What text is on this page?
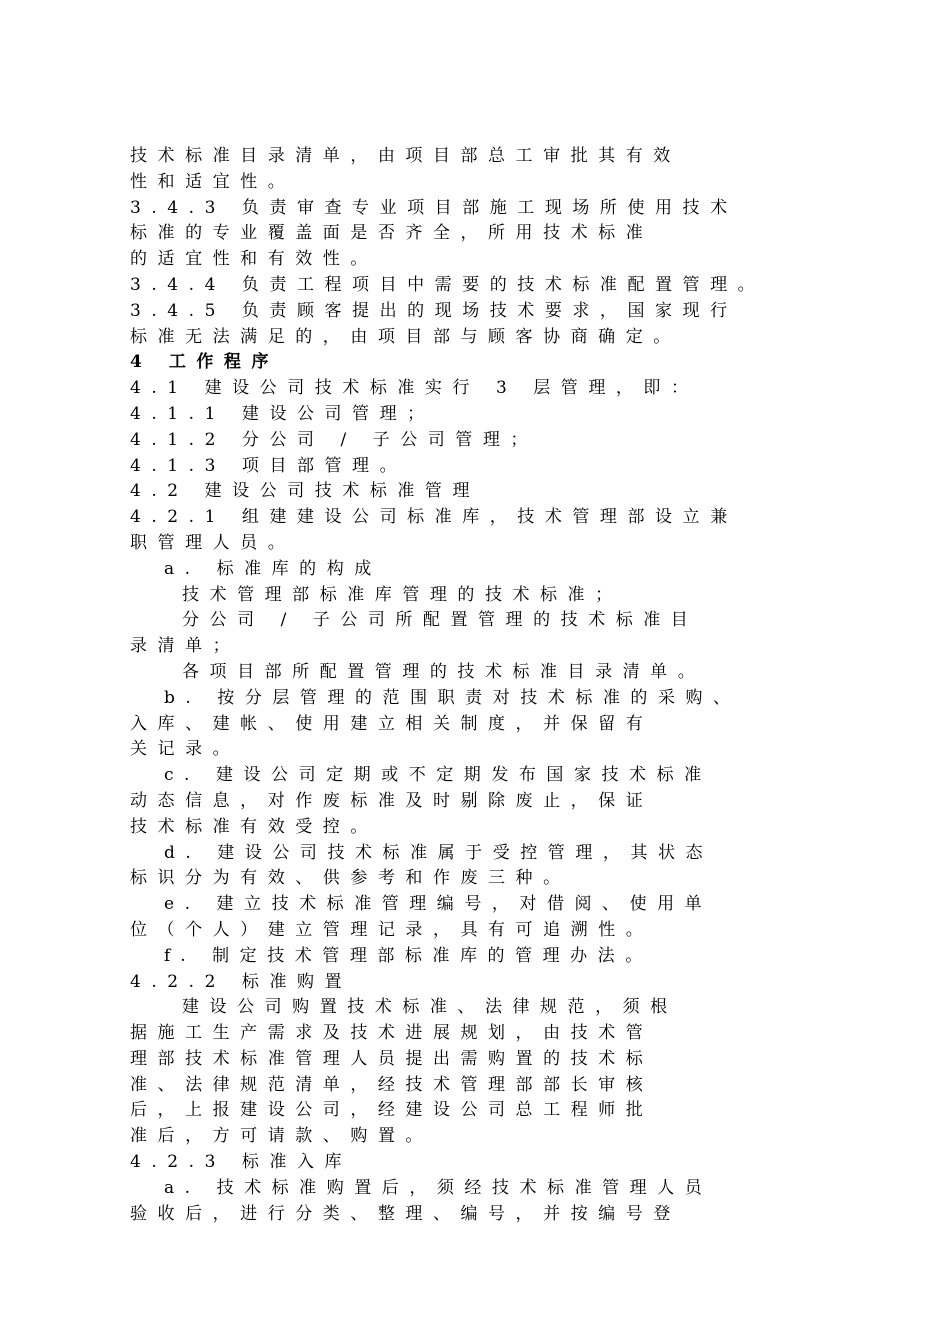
技术标准目录清单，由项目部总工审批其有效
性和适宜性。
3.4.3 负责审查专业项目部施工现场所使用技术
标准的专业覆盖面是否齐全，所用技术标准
的适宜性和有效性。
3.4.4 负责工程项目中需要的技术标准配置管理。
3.4.5 负责顾客提出的现场技术要求，国家现行
标准无法满足的，由项目部与顾客协商确定。
4 工作程序
4.1 建设公司技术标准实行 3 层管理，即：
4.1.1 建设公司管理；
4.1.2 分公司 / 子公司管理；
4.1.3 项目部管理。
4.2 建设公司技术标准管理
4.2.1 组建建设公司标准库，技术管理部设立兼
职管理人员。
a. 标准库的构成
技术管理部标准库管理的技术标准；
分公司 / 子公司所配置管理的技术标准目
录清单；
各项目部所配置管理的技术标准目录清单。
b. 按分层管理的范围职责对技术标准的采购、
入库、建帐、使用建立相关制度，并保留有
关记录。
c. 建设公司定期或不定期发布国家技术标准
动态信息，对作废标准及时剔除废止，保证
技术标准有效受控。
d. 建设公司技术标准属于受控管理，其状态
标识分为有效、供参考和作废三种。
e. 建立技术标准管理编号，对借阅、使用单
位（个人）建立管理记录，具有可追溯性。
f. 制定技术管理部标准库的管理办法。
4.2.2 标准购置
建设公司购置技术标准、法律规范，须根
据施工生产需求及技术进展规划，由技术管
理部技术标准管理人员提出需购置的技术标
准、法律规范清单，经技术管理部部长审核
后，上报建设公司，经建设公司总工程师批
准后，方可请款、购置。
4.2.3 标准入库
a. 技术标准购置后，须经技术标准管理人员
验收后，进行分类、整理、编号，并按编号登
